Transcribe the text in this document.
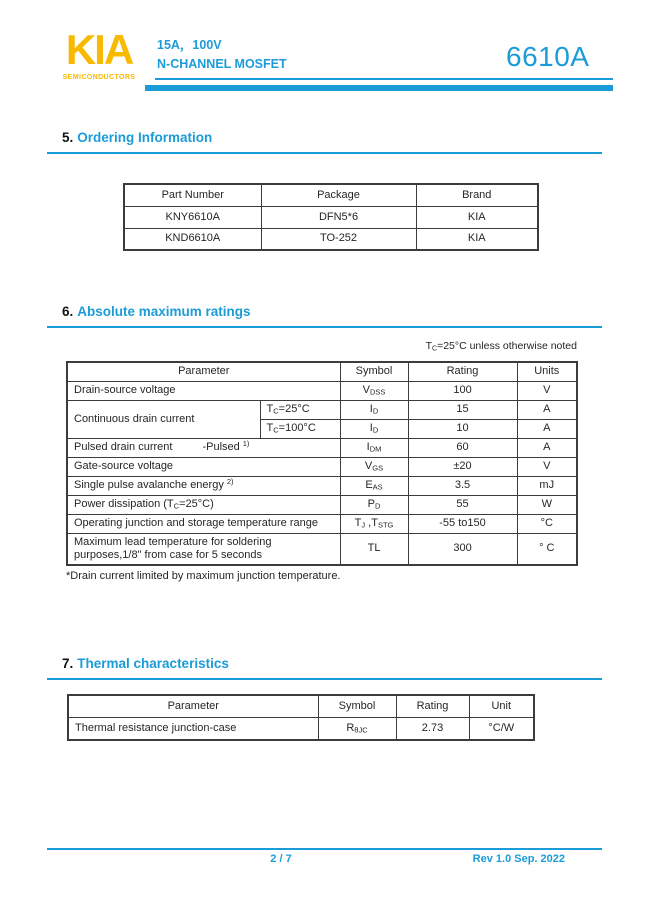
KIA
SEMICONDUCTORS
15A，100V
N-CHANNEL MOSFET	6610A
5. Ordering Information
Part Number	Package	Brand
KNY6610A	DFN5*6	KIA
KND6610A	TO-252	KIA
6. Absolute maximum ratings
$T_C=25^\circ C$ unless otherwise noted
Parameter		Symbol	Rating	Units
Drain-source voltage		$V_{DSS}$	100	V
Continuous drain current	$T_C=25^\circ C$	$I_D$	15	A
	$T_C=100^\circ C$	$I_D$	10	A
Pulsed drain current -Pulsed $^{1)}$		$I_{DM}$	60	A
Gate-source voltage		$V_{GS}$	±20	V
Single pulse avalanche energy $^{2)}$		$E_{AS}$	3.5	mJ
Power dissipation $(T_C=25^\circ C)$		$P_D$	55	W
Operating junction and storage temperature range		$T_J$ $,T_{STG}$	-55 to150	°C
Maximum lead temperature for soldering purposes,1/8" from case for 5 seconds		TL	300	° C
*Drain current limited by maximum junction temperature.
7. Thermal characteristics
Parameter	Symbol	Rating	Unit
Thermal resistance junction-case	$R_{\theta JC}$	2.73	°C/W
2 / 7	Rev 1.0 Sep. 2022
